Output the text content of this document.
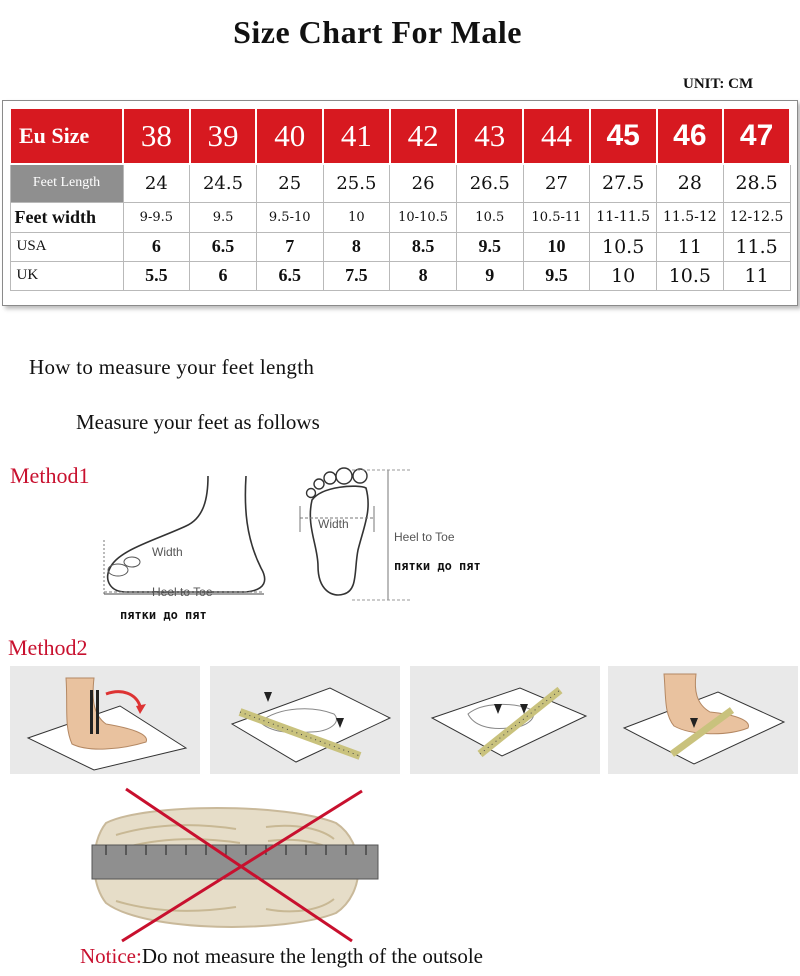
Size Chart For Male
UNIT: CM
Eu Size	38	39	40	41	42	43	44	45	46	47
Feet Length	24	24.5	25	25.5	26	26.5	27	27.5	28	28.5
Feet width	9-9.5	9.5	9.5-10	10	10-10.5	10.5	10.5-11	11-11.5	11.5-12	12-12.5
USA	6	6.5	7	8	8.5	9.5	10	10.5	11	11.5
UK	5.5	6	6.5	7.5	8	9	9.5	10	10.5	11
How to measure your feet length
Measure your feet as follows
Method1
Width
Heel to Toe
пятки до пят
Width
Heel to Toe
пятки до пят
Method2
Notice:Do not measure the length of the outsole
